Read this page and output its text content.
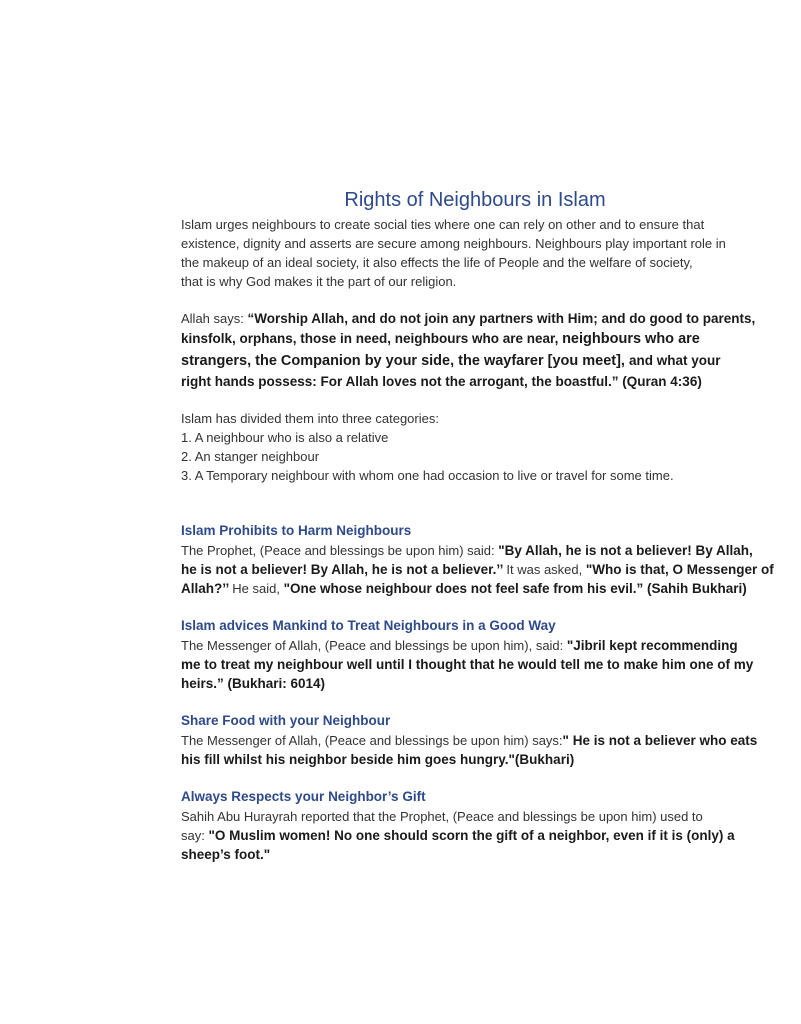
Rights of Neighbours in Islam

Islam urges neighbours to create social ties where one can rely on other and to ensure that

existence, dignity and asserts are secure among neighbours. Neighbours play important role in

the makeup of an ideal society, it also effects the life of People and the welfare of society,

that is why God makes it the part of our religion.

Allah says: “Worship Allah, and do not join any partners with Him; and do good to parents,

kinsfolk, orphans, those in need, neighbours who are near, neighbours who are

strangers, the Companion by your side, the wayfarer [you meet], and what your

right hands possess: For Allah loves not the arrogant, the boastful.” (Quran 4:36)

Islam has divided them into three categories:

1. A neighbour who is also a relative

2. An stanger neighbour

3. A Temporary neighbour with whom one had occasion to live or travel for some time.

Islam Prohibits to Harm Neighbours

The Prophet, (Peace and blessings be upon him) said: "By Allah, he is not a believer! By Allah,

he is not a believer! By Allah, he is not a believer.’’ It was asked, "Who is that, O Messenger of

Allah?’’ He said, "One whose neighbour does not feel safe from his evil.” (Sahih Bukhari)

Islam advices Mankind to Treat Neighbours in a Good Way

The Messenger of Allah, (Peace and blessings be upon him), said: "Jibril kept recommending

me to treat my neighbour well until I thought that he would tell me to make him one of my

heirs.” (Bukhari: 6014)

Share Food with your Neighbour

The Messenger of Allah, (Peace and blessings be upon him) says:" He is not a believer who eats

his fill whilst his neighbor beside him goes hungry."(Bukhari)

Always Respects your Neighbor’s Gift

Sahih Abu Hurayrah reported that the Prophet, (Peace and blessings be upon him) used to

say: "O Muslim women! No one should scorn the gift of a neighbor, even if it is (only) a

sheep’s foot."
